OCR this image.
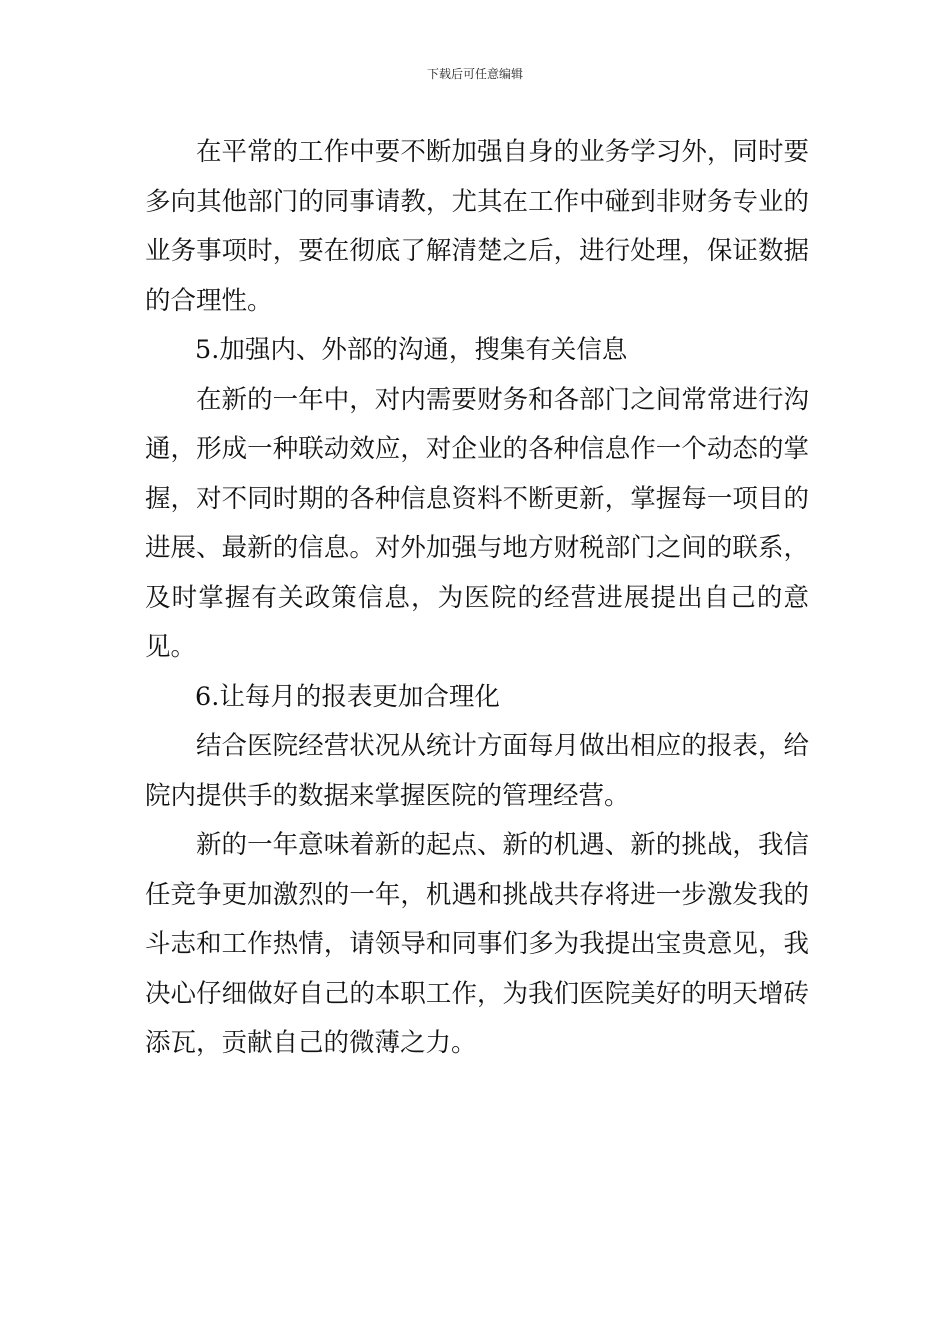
下载后可任意编辑

在平常的工作中要不断加强自身的业务学习外，同时要多向其他部门的同事请教，尤其在工作中碰到非财务专业的业务事项时，要在彻底了解清楚之后，进行处理，保证数据的合理性。

5.加强内、外部的沟通，搜集有关信息

在新的一年中，对内需要财务和各部门之间常常进行沟通，形成一种联动效应，对企业的各种信息作一个动态的掌握，对不同时期的各种信息资料不断更新，掌握每一项目的进展、最新的信息。对外加强与地方财税部门之间的联系，及时掌握有关政策信息，为医院的经营进展提出自己的意见。

6.让每月的报表更加合理化

结合医院经营状况从统计方面每月做出相应的报表，给院内提供手的数据来掌握医院的管理经营。

新的一年意味着新的起点、新的机遇、新的挑战，我信任竞争更加激烈的一年，机遇和挑战共存将进一步激发我的斗志和工作热情，请领导和同事们多为我提出宝贵意见，我决心仔细做好自己的本职工作，为我们医院美好的明天增砖添瓦，贡献自己的微薄之力。
